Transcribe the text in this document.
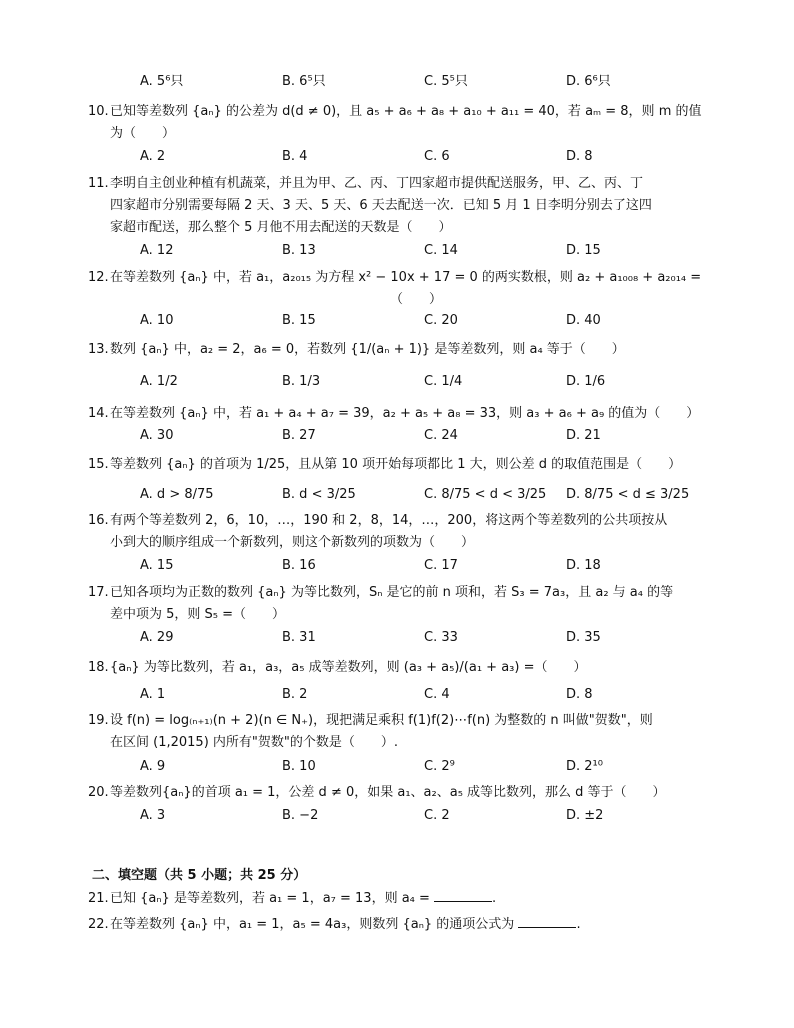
A. 5⁶只	B. 6⁵只	C. 5⁵只	D. 6⁶只
10.已知等差数列 {aₙ} 的公差为 d(d ≠ 0)，且 a₅ + a₆ + a₈ + a₁₀ + a₁₁ = 40，若 aₘ = 8，则 m 的值
为（　　）
A. 2	B. 4	C. 6	D. 8
11.李明自主创业种植有机蔬菜，并且为甲、乙、丙、丁四家超市提供配送服务，甲、乙、丙、丁
四家超市分别需要每隔 2 天、3 天、5 天、6 天去配送一次．已知 5 月 1 日李明分别去了这四
家超市配送，那么整个 5 月他不用去配送的天数是（　　）
A. 12	B. 13	C. 14	D. 15
12.在等差数列 {aₙ} 中，若 a₁，a₂₀₁₅ 为方程 x² − 10x + 17 = 0 的两实数根，则 a₂ + a₁₀₀₈ + a₂₀₁₄ =
（　　）
A. 10	B. 15	C. 20	D. 40
13.数列 {aₙ} 中，a₂ = 2，a₆ = 0，若数列 {1/(aₙ + 1)} 是等差数列，则 a₄ 等于（　　）
A. 1/2	B. 1/3	C. 1/4	D. 1/6
14.在等差数列 {aₙ} 中，若 a₁ + a₄ + a₇ = 39，a₂ + a₅ + a₈ = 33，则 a₃ + a₆ + a₉ 的值为（　　）
A. 30	B. 27	C. 24	D. 21
15.等差数列 {aₙ} 的首项为 1/25，且从第 10 项开始每项都比 1 大，则公差 d 的取值范围是（　　）
A. d > 8/75	B. d < 3/25	C. 8/75 < d < 3/25 D. 8/75 < d ≤ 3/25
16.有两个等差数列 2，6，10，…，190 和 2，8，14，…，200，将这两个等差数列的公共项按从
小到大的顺序组成一个新数列，则这个新数列的项数为（　　）
A. 15	B. 16	C. 17	D. 18
17.已知各项均为正数的数列 {aₙ} 为等比数列，Sₙ 是它的前 n 项和，若 S₃ = 7a₃，且 a₂ 与 a₄ 的等
差中项为 5，则 S₅ =（　　）
A. 29	B. 31	C. 33	D. 35
18.{aₙ} 为等比数列，若 a₁，a₃，a₅ 成等差数列，则 (a₃ + a₅)/(a₁ + a₃) =（　　）
A. 1	B. 2	C. 4	D. 8
19.设 f(n) = log₍ₙ₊₁₎(n + 2)(n ∈ N₊)，现把满足乘积 f(1)f(2)⋯f(n) 为整数的 n 叫做"贺数"，则
在区间 (1,2015) 内所有"贺数"的个数是（　　）.
A. 9	B. 10	C. 2⁹	D. 2¹⁰
20.等差数列{aₙ}的首项 a₁ = 1，公差 d ≠ 0，如果 a₁、a₂、a₅ 成等比数列，那么 d 等于（　　）
A. 3	B. −2	C. 2	D. ±2
二、填空题（共 5 小题；共 25 分）
21.已知 {aₙ} 是等差数列，若 a₁ = 1，a₇ = 13，则 a₄ =	.
22.在等差数列 {aₙ} 中，a₁ = 1，a₅ = 4a₃，则数列 {aₙ} 的通项公式为	.
